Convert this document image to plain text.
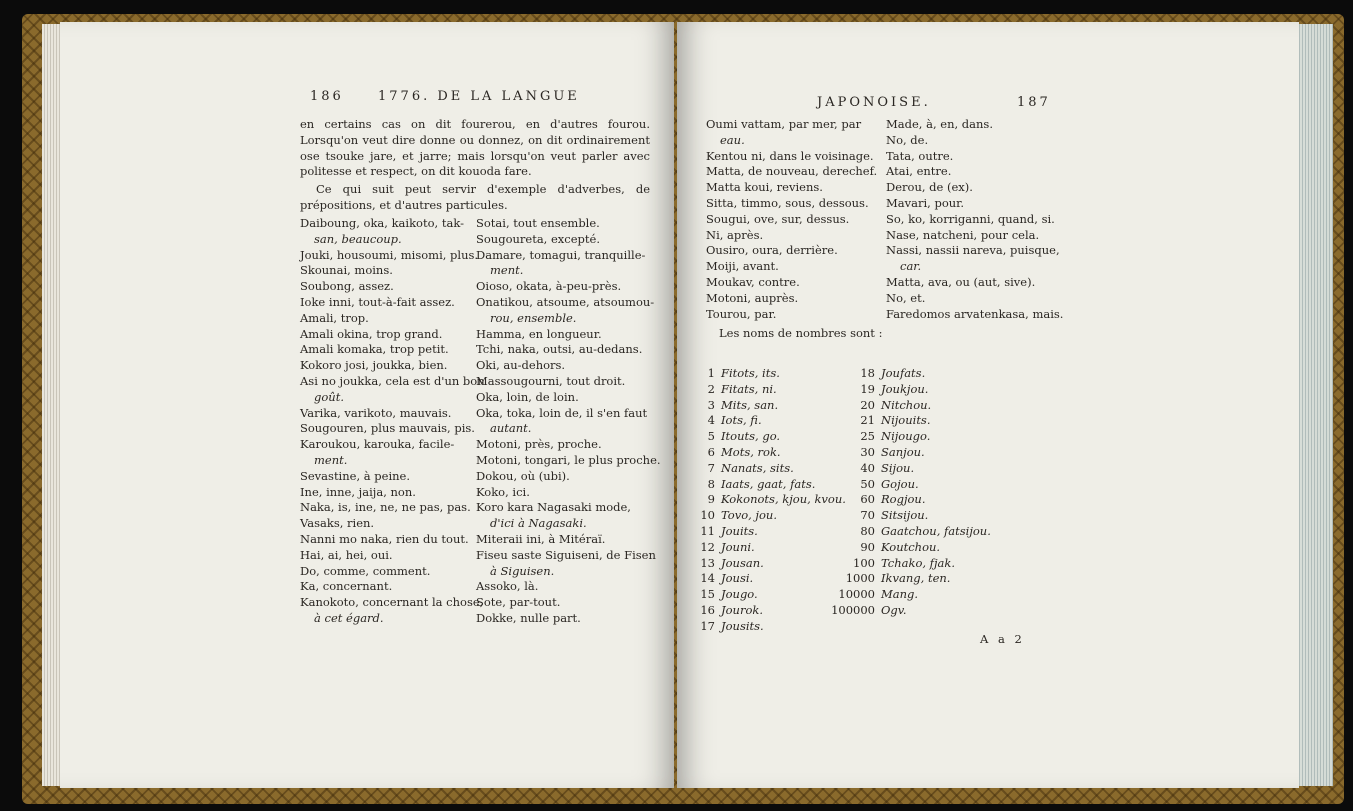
186	1776. DE LA LANGUE
en certains cas on dit fourerou, en d'autres fourou. Lorsqu'on veut dire donne ou donnez, on dit ordinairement ose tsouke jare, et jarre; mais lorsqu'on veut parler avec politesse et respect, on dit kouoda fare.
Ce qui suit peut servir d'exemple d'adverbes, de prépositions, et d'autres particules.
Daiboung, oka, kaikoto, tak-
san, beaucoup.
Jouki, housoumi, misomi, plus.
Skounai, moins.
Soubong, assez.
Ioke inni, tout-à-fait assez.
Amali, trop.
Amali okina, trop grand.
Amali komaka, trop petit.
Kokoro josi, joukka, bien.
Asi no joukka, cela est d'un bon
goût.
Varika, varikoto, mauvais.
Sougouren, plus mauvais, pis.
Karoukou, karouka, facile-
ment.
Sevastine, à peine.
Ine, inne, jaija, non.
Naka, is, ine, ne, ne pas, pas.
Vasaks, rien.
Nanni mo naka, rien du tout.
Hai, ai, hei, oui.
Do, comme, comment.
Ka, concernant.
Kanokoto, concernant la chose,
à cet égard.
Sotai, tout ensemble.
Sougoureta, excepté.
Damare, tomagui, tranquille-
ment.
Oioso, okata, à-peu-près.
Onatikou, atsoume, atsoumou-
rou, ensemble.
Hamma, en longueur.
Tchi, naka, outsi, au-dedans.
Oki, au-dehors.
Massougourni, tout droit.
Oka, loin, de loin.
Oka, toka, loin de, il s'en faut
autant.
Motoni, près, proche.
Motoni, tongari, le plus proche.
Dokou, où (ubi).
Koko, ici.
Koro kara Nagasaki mode,
d'ici à Nagasaki.
Miteraii ini, à Mitéraï.
Fiseu saste Siguiseni, de Fisen
à Siguisen.
Assoko, là.
Sote, par-tout.
Dokke, nulle part.
JAPONOISE.	187
Oumi vattam, par mer, par
eau.
Kentou ni, dans le voisinage.
Matta, de nouveau, derechef.
Matta koui, reviens.
Sitta, timmo, sous, dessous.
Sougui, ove, sur, dessus.
Ni, après.
Ousiro, oura, derrière.
Moiji, avant.
Moukav, contre.
Motoni, auprès.
Tourou, par.
Made, à, en, dans.
No, de.
Tata, outre.
Atai, entre.
Derou, de (ex).
Mavari, pour.
So, ko, korriganni, quand, si.
Nase, natcheni, pour cela.
Nassi, nassii nareva, puisque,
car.
Matta, ava, ou (aut, sive).
No, et.
Faredomos arvatenkasa, mais.
Les noms de nombres sont :
1 Fitots, its.
2 Fitats, ni.
3 Mits, san.
4 Iots, fi.
5 Itouts, go.
6 Mots, rok.
7 Nanats, sits.
8 Iaats, gaat, fats.
9 Kokonots, kjou, kvou.
10 Tovo, jou.
11 Jouits.
12 Jouni.
13 Jousan.
14 Jousi.
15 Jougo.
16 Jourok.
17 Jousits.
18 Joufats.
19 Joukjou.
20 Nitchou.
21 Nijouits.
25 Nijougo.
30 Sanjou.
40 Sijou.
50 Gojou.
60 Rogjou.
70 Sitsijou.
80 Gaatchou, fatsijou.
90 Koutchou.
100 Tchako, fjak.
1000 Ikvang, ten.
10000 Mang.
100000 Ogv.
A a 2
